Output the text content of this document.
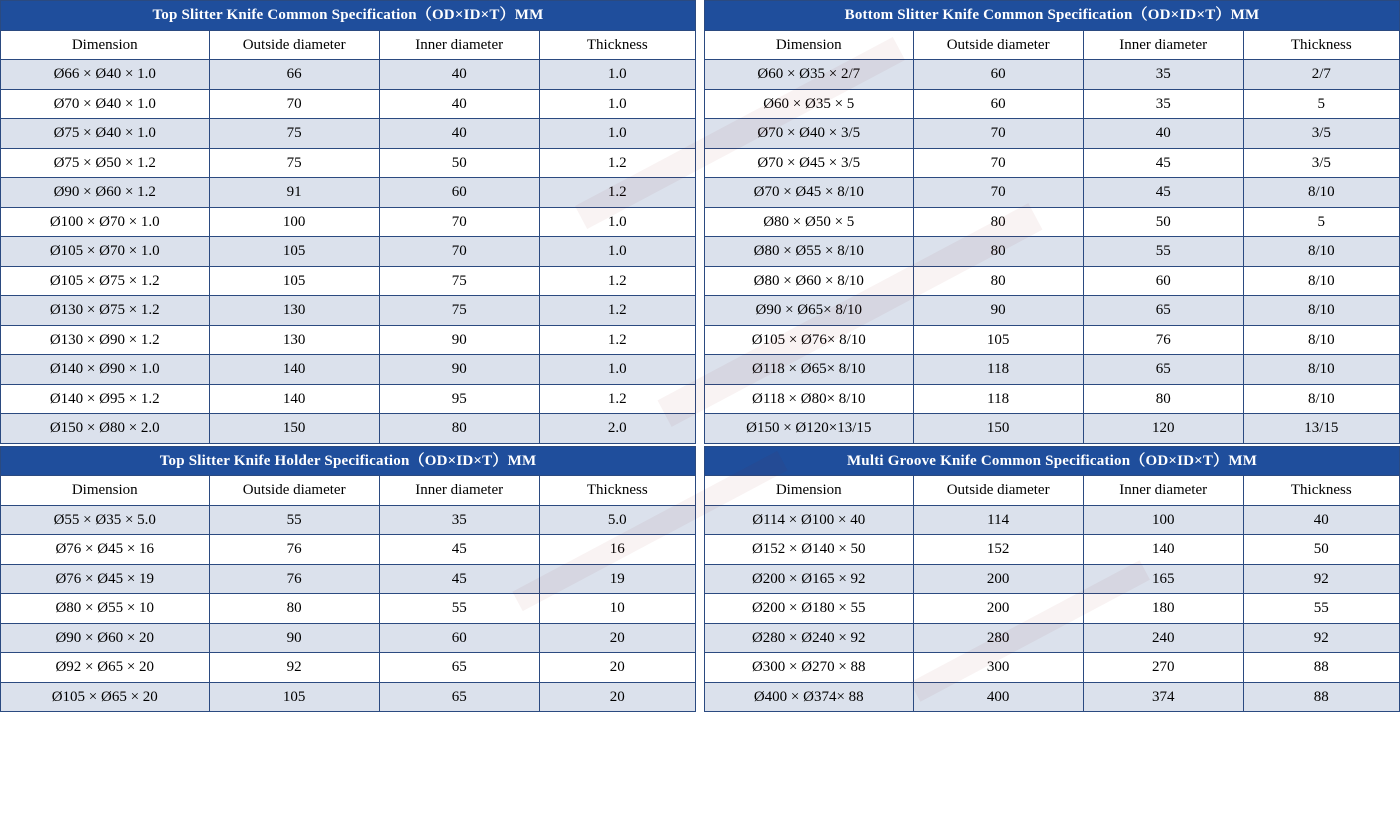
Top Slitter Knife Common Specification（OD×ID×T）MM			
Dimension	Outside diameter	Inner diameter	Thickness
Ø66 × Ø40 × 1.0	66	40	1.0
Ø70 × Ø40 × 1.0	70	40	1.0
Ø75 × Ø40 × 1.0	75	40	1.0
Ø75 × Ø50 × 1.2	75	50	1.2
Ø90 × Ø60 × 1.2	91	60	1.2
Ø100 × Ø70 × 1.0	100	70	1.0
Ø105 × Ø70 × 1.0	105	70	1.0
Ø105 × Ø75 × 1.2	105	75	1.2
Ø130 × Ø75 × 1.2	130	75	1.2
Ø130 × Ø90 × 1.2	130	90	1.2
Ø140 × Ø90 × 1.0	140	90	1.0
Ø140 × Ø95 × 1.2	140	95	1.2
Ø150 × Ø80 × 2.0	150	80	2.0
Top Slitter Knife Holder Specification（OD×ID×T）MM			
Dimension	Outside diameter	Inner diameter	Thickness
Ø55 × Ø35 × 5.0	55	35	5.0
Ø76 × Ø45 × 16	76	45	16
Ø76 × Ø45 × 19	76	45	19
Ø80 × Ø55 × 10	80	55	10
Ø90 × Ø60 × 20	90	60	20
Ø92 × Ø65 × 20	92	65	20
Ø105 × Ø65 × 20	105	65	20
Bottom Slitter Knife Common Specification（OD×ID×T）MM			
Dimension	Outside diameter	Inner diameter	Thickness
Ø60 × Ø35 × 2/7	60	35	2/7
Ø60 × Ø35 × 5	60	35	5
Ø70 × Ø40 × 3/5	70	40	3/5
Ø70 × Ø45 × 3/5	70	45	3/5
Ø70 × Ø45 × 8/10	70	45	8/10
Ø80 × Ø50 × 5	80	50	5
Ø80 × Ø55 × 8/10	80	55	8/10
Ø80 × Ø60 × 8/10	80	60	8/10
Ø90 × Ø65× 8/10	90	65	8/10
Ø105 × Ø76× 8/10	105	76	8/10
Ø118 × Ø65× 8/10	118	65	8/10
Ø118 × Ø80× 8/10	118	80	8/10
Ø150 × Ø120×13/15	150	120	13/15
Multi Groove Knife Common Specification（OD×ID×T）MM			
Dimension	Outside diameter	Inner diameter	Thickness
Ø114 × Ø100 × 40	114	100	40
Ø152 × Ø140 × 50	152	140	50
Ø200 × Ø165 × 92	200	165	92
Ø200 × Ø180 × 55	200	180	55
Ø280 × Ø240 × 92	280	240	92
Ø300 × Ø270 × 88	300	270	88
Ø400 × Ø374× 88	400	374	88
